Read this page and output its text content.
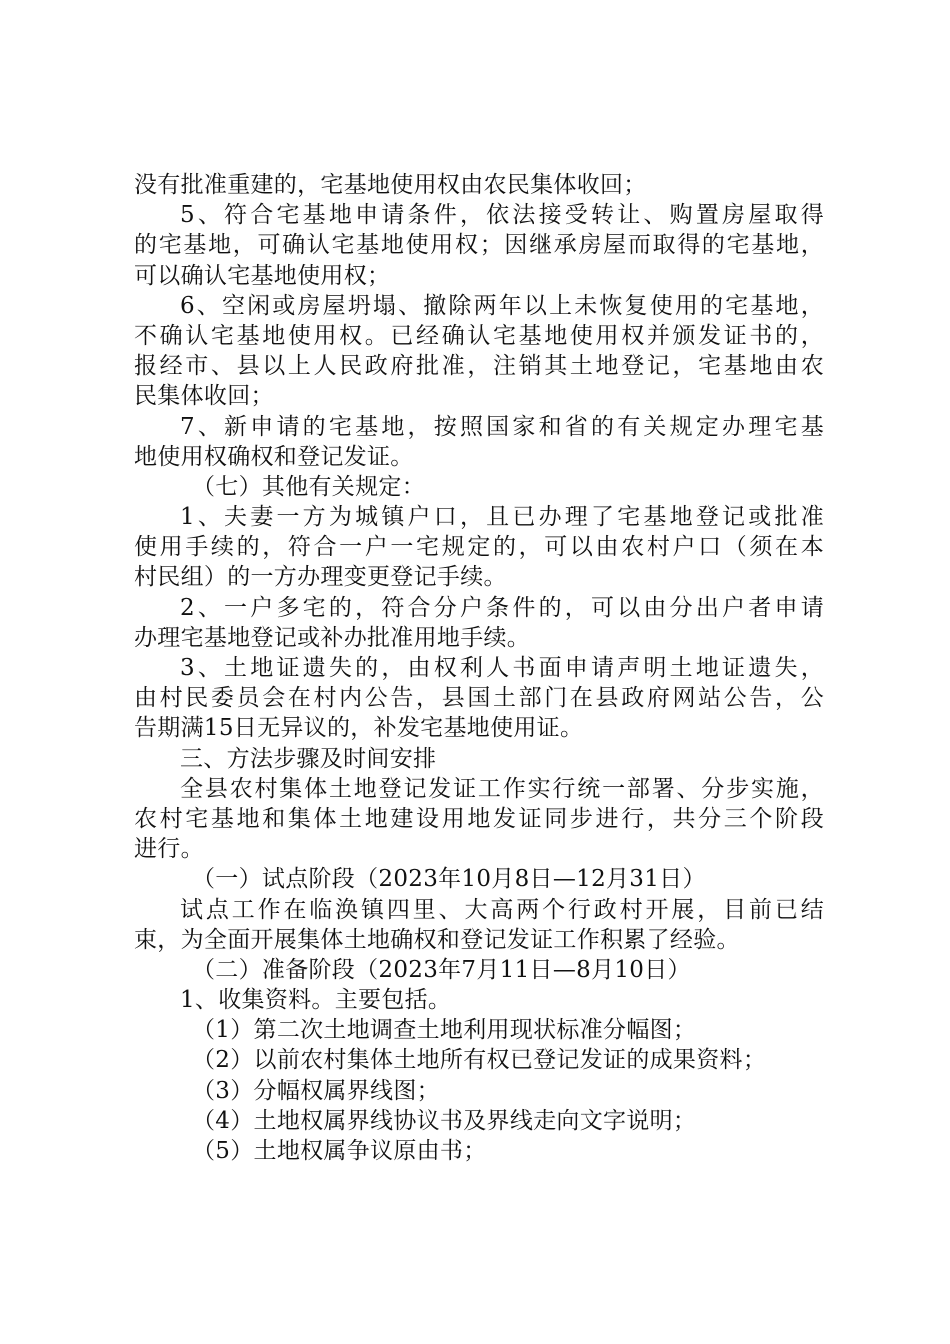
没有批准重建的，宅基地使用权由农民集体收回；
5、符合宅基地申请条件，依法接受转让、购置房屋取得
的宅基地，可确认宅基地使用权；因继承房屋而取得的宅基地，
可以确认宅基地使用权；
6、空闲或房屋坍塌、撤除两年以上未恢复使用的宅基地，
不确认宅基地使用权。已经确认宅基地使用权并颁发证书的，
报经市、县以上人民政府批准，注销其土地登记，宅基地由农
民集体收回；
7、新申请的宅基地，按照国家和省的有关规定办理宅基
地使用权确权和登记发证。
（七）其他有关规定：
1、夫妻一方为城镇户口，且已办理了宅基地登记或批准
使用手续的，符合一户一宅规定的，可以由农村户口（须在本
村民组）的一方办理变更登记手续。
2、一户多宅的，符合分户条件的，可以由分出户者申请
办理宅基地登记或补办批准用地手续。
3、土地证遗失的，由权利人书面申请声明土地证遗失，
由村民委员会在村内公告，县国土部门在县政府网站公告，公
告期满15日无异议的，补发宅基地使用证。
三、方法步骤及时间安排
全县农村集体土地登记发证工作实行统一部署、分步实施，
农村宅基地和集体土地建设用地发证同步进行，共分三个阶段
进行。
（一）试点阶段（2023年10月8日—12月31日）
试点工作在临涣镇四里、大高两个行政村开展，目前已结
束，为全面开展集体土地确权和登记发证工作积累了经验。
（二）准备阶段（2023年7月11日—8月10日）
1、收集资料。主要包括。
（1）第二次土地调查土地利用现状标准分幅图；
（2）以前农村集体土地所有权已登记发证的成果资料；
（3）分幅权属界线图；
（4）土地权属界线协议书及界线走向文字说明；
（5）土地权属争议原由书；
